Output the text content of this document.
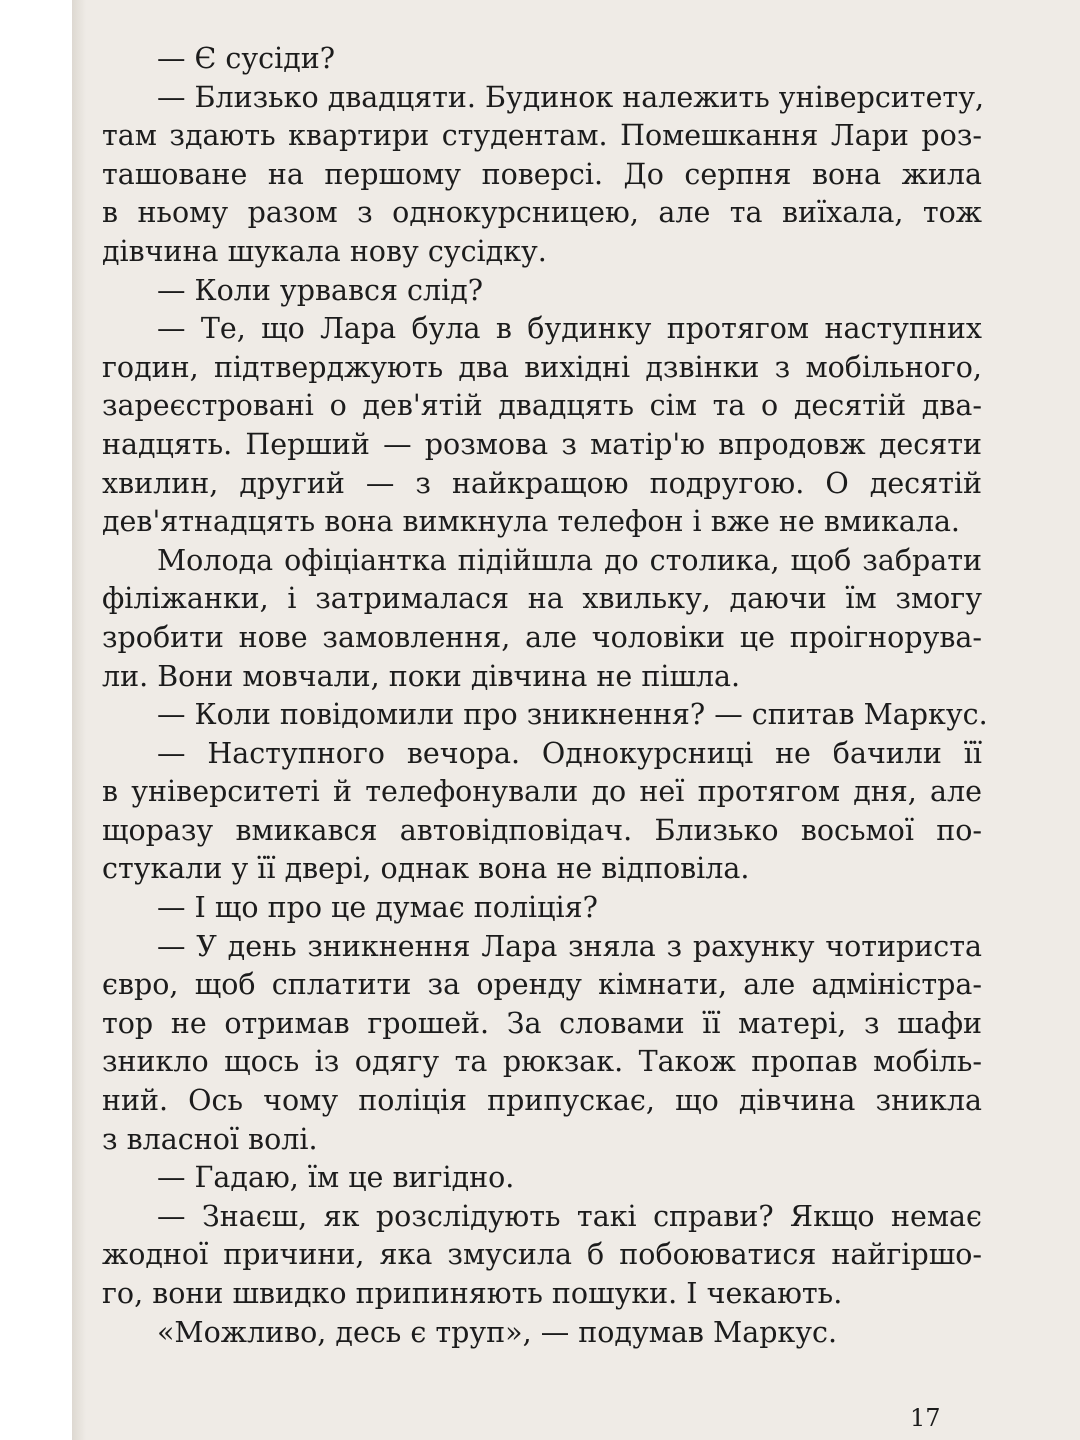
— Є сусіди?
— Близько двадцяти. Будинок належить університету,
там здають квартири студентам. Помешкання Лари роз-
ташоване на першому поверсі. До серпня вона жила
в ньому разом з однокурсницею, але та виїхала, тож
дівчина шукала нову сусідку.
— Коли урвався слід?
— Те, що Лара була в будинку протягом наступних
годин, підтверджують два вихідні дзвінки з мобільного,
зареєстровані о дев'ятій двадцять сім та о десятій два-
надцять. Перший — розмова з матір'ю впродовж десяти
хвилин, другий — з найкращою подругою. О десятій
дев'ятнадцять вона вимкнула телефон і вже не вмикала.
Молода офіціантка підійшла до столика, щоб забрати
філіжанки, і затрималася на хвильку, даючи їм змогу
зробити нове замовлення, але чоловіки це проігнорува-
ли. Вони мовчали, поки дівчина не пішла.
— Коли повідомили про зникнення? — спитав Маркус.
— Наступного вечора. Однокурсниці не бачили її
в університеті й телефонували до неї протягом дня, але
щоразу вмикався автовідповідач. Близько восьмої по-
стукали у її двері, однак вона не відповіла.
— І що про це думає поліція?
— У день зникнення Лара зняла з рахунку чотириста
євро, щоб сплатити за оренду кімнати, але адміністра-
тор не отримав грошей. За словами її матері, з шафи
зникло щось із одягу та рюкзак. Також пропав мобіль-
ний. Ось чому поліція припускає, що дівчина зникла
з власної волі.
— Гадаю, їм це вигідно.
— Знаєш, як розслідують такі справи? Якщо немає
жодної причини, яка змусила б побоюватися найгіршо-
го, вони швидко припиняють пошуки. І чекають.
«Можливо, десь є труп», — подумав Маркус.
17
